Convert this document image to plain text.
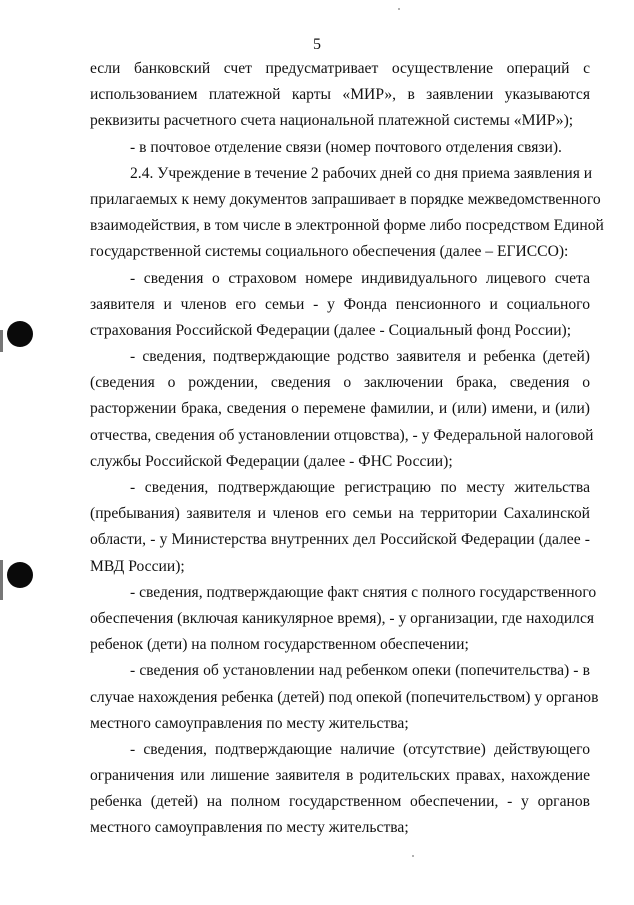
5
если банковский счет предусматривает осуществление операций с
использованием платежной карты «МИР», в заявлении указываются
реквизиты расчетного счета национальной платежной системы «МИР»);
- в почтовое отделение связи (номер почтового отделения связи).
2.4. Учреждение в течение 2 рабочих дней со дня приема заявления и
прилагаемых к нему документов запрашивает в порядке межведомственного
взаимодействия, в том числе в электронной форме либо посредством Единой
государственной системы социального обеспечения (далее – ЕГИССО):
- сведения о страховом номере индивидуального лицевого счета
заявителя и членов его семьи - у Фонда пенсионного и социального
страхования Российской Федерации (далее - Социальный фонд России);
- сведения, подтверждающие родство заявителя и ребенка (детей)
(сведения о рождении, сведения о заключении брака, сведения о
расторжении брака, сведения о перемене фамилии, и (или) имени, и (или)
отчества, сведения об установлении отцовства), - у Федеральной налоговой
службы Российской Федерации (далее - ФНС России);
- сведения, подтверждающие регистрацию по месту жительства
(пребывания) заявителя и членов его семьи на территории Сахалинской
области, - у Министерства внутренних дел Российской Федерации (далее -
МВД России);
- сведения, подтверждающие факт снятия с полного государственного
обеспечения (включая каникулярное время), - у организации, где находился
ребенок (дети) на полном государственном обеспечении;
- сведения об установлении над ребенком опеки (попечительства) - в
случае нахождения ребенка (детей) под опекой (попечительством) у органов
местного самоуправления по месту жительства;
- сведения, подтверждающие наличие (отсутствие) действующего
ограничения или лишение заявителя в родительских правах, нахождение
ребенка (детей) на полном государственном обеспечении, - у органов
местного самоуправления по месту жительства;
